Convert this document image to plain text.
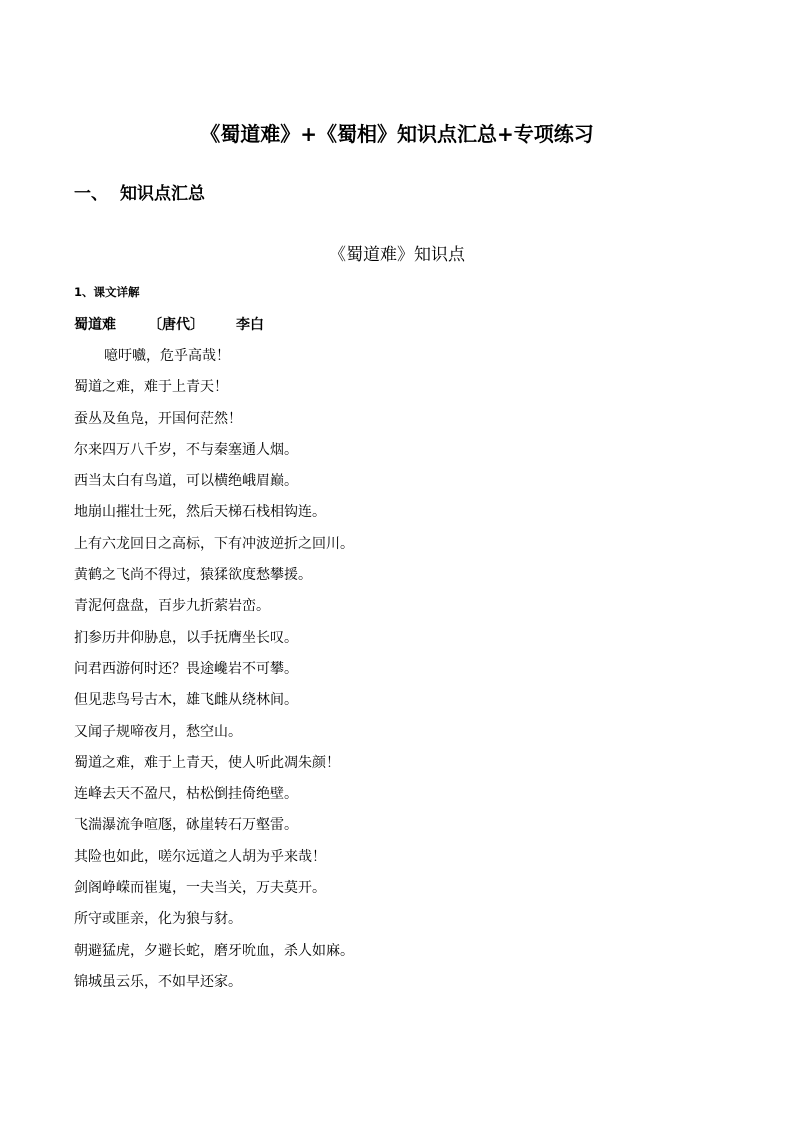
《蜀道难》+《蜀相》知识点汇总+专项练习
一、 知识点汇总
《蜀道难》知识点
1、课文详解
蜀道难 〔唐代〕 李白
噫吁嚱，危乎高哉！
蜀道之难，难于上青天！
蚕丛及鱼凫，开国何茫然！
尔来四万八千岁，不与秦塞通人烟。
西当太白有鸟道，可以横绝峨眉巅。
地崩山摧壮士死，然后天梯石栈相钩连。
上有六龙回日之高标，下有冲波逆折之回川。
黄鹤之飞尚不得过，猿猱欲度愁攀援。
青泥何盘盘，百步九折萦岩峦。
扪参历井仰胁息，以手抚膺坐长叹。
问君西游何时还？畏途巉岩不可攀。
但见悲鸟号古木，雄飞雌从绕林间。
又闻子规啼夜月，愁空山。
蜀道之难，难于上青天，使人听此凋朱颜！
连峰去天不盈尺，枯松倒挂倚绝壁。
飞湍瀑流争喧豗，砯崖转石万壑雷。
其险也如此，嗟尔远道之人胡为乎来哉！
剑阁峥嵘而崔嵬，一夫当关，万夫莫开。
所守或匪亲，化为狼与豺。
朝避猛虎，夕避长蛇，磨牙吮血，杀人如麻。
锦城虽云乐，不如早还家。
